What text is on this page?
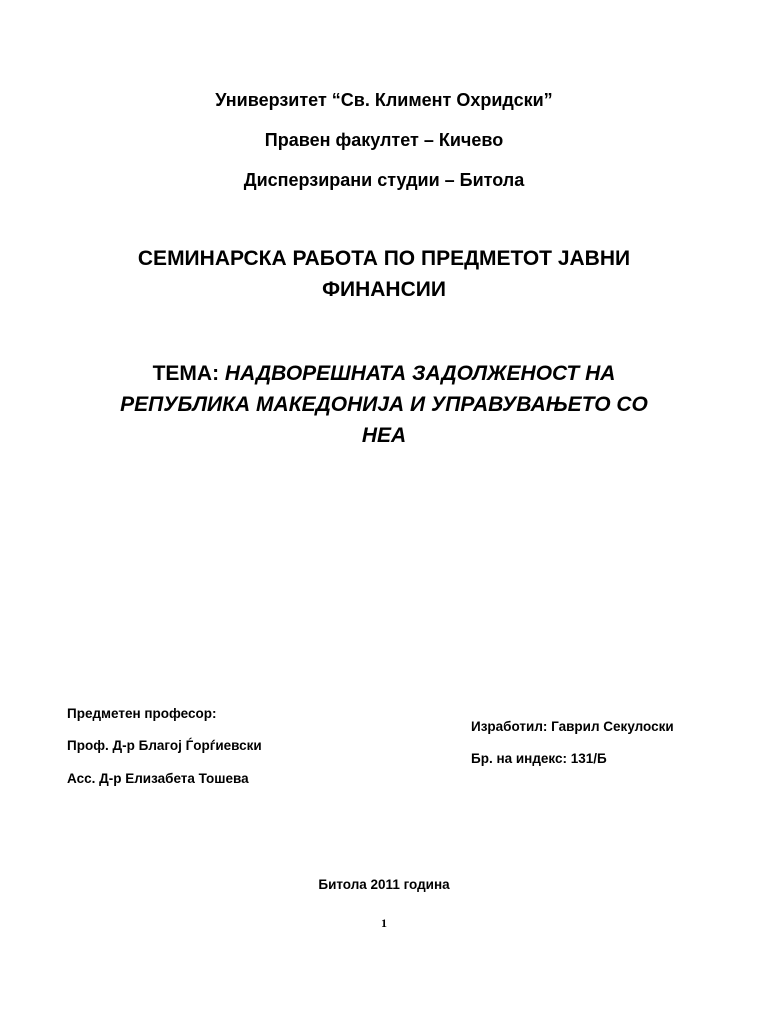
Универзитет “Св. Климент Охридски”
Правен факултет – Кичево
Дисперзирани студии – Битола
СЕМИНАРСКА РАБОТА ПО ПРЕДМЕТОТ ЈАВНИ
ФИНАНСИИ
ТЕМА: НАДВОРЕШНАТА ЗАДОЛЖЕНОСТ НА
РЕПУБЛИКА МАКЕДОНИЈА И УПРАВУВАЊЕТО СО
НЕА
Предметен професор:
Проф. Д-р Благој Ѓорѓиевски
Асс. Д-р Елизабета Тошева
Изработил: Гаврил Секулоски
Бр. на индекс: 131/Б
Битола 2011 година
1
